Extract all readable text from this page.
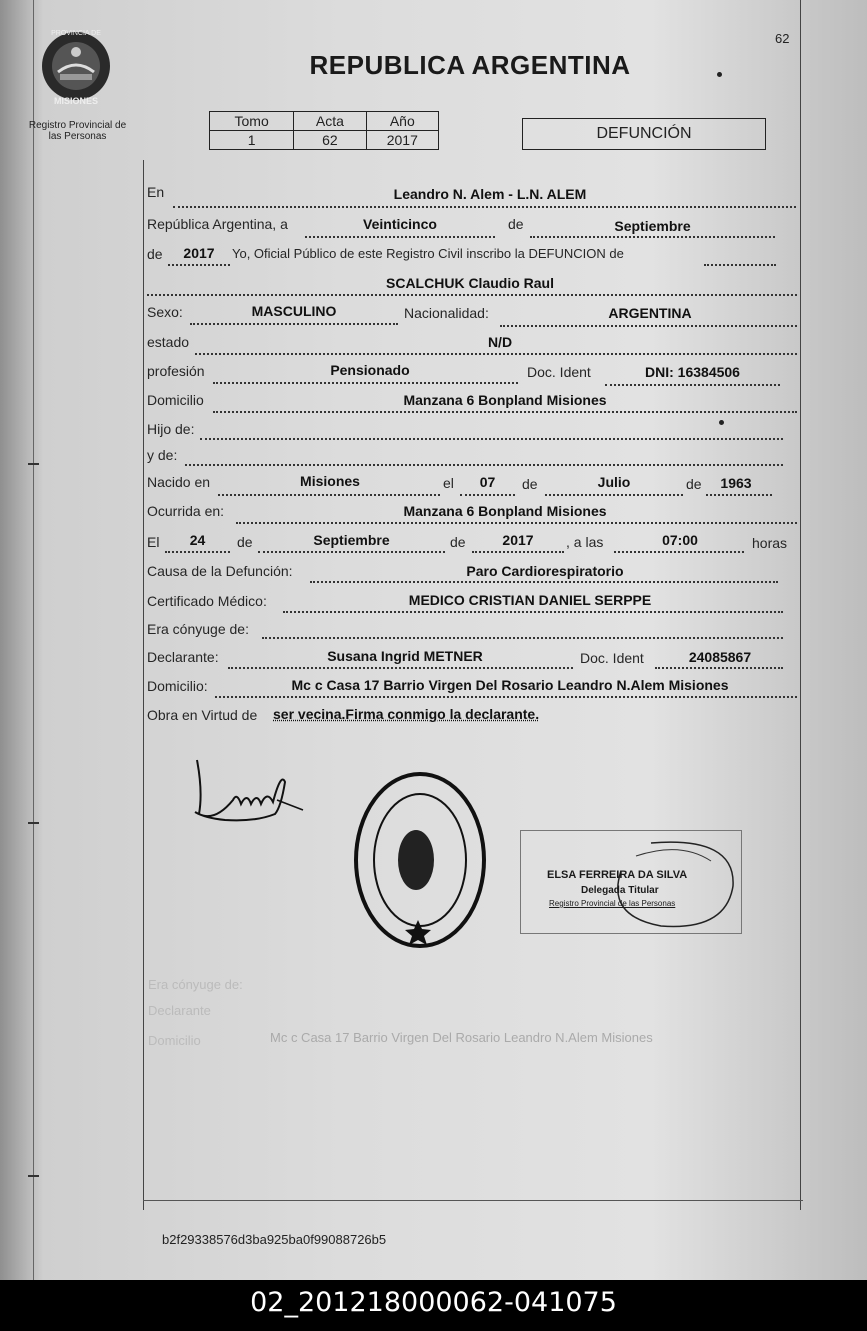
PROVINCIA DE
MISIONES
Registro Provincial de
las Personas
62
REPUBLICA ARGENTINA
Tomo	Acta	Año
1	62	2017	DEFUNCIÓN
En	Leandro N. Alem - L.N. ALEM
República Argentina, a	Veinticinco	de	Septiembre
de	2017	Yo, Oficial Público de este Registro Civil inscribo la DEFUNCION de
SCALCHUK Claudio Raul
Sexo:	MASCULINO	Nacionalidad:	ARGENTINA
estado	N/D
profesión	Pensionado	Doc. Ident	DNI: 16384506
Domicilio	Manzana 6 Bonpland Misiones
Hijo de:
y de:
Nacido en	Misiones	el	07	de	Julio	de	1963
Ocurrida en:	Manzana 6 Bonpland Misiones
El	24	de	Septiembre	de	2017	, a las	07:00	horas
Causa de la Defunción:	Paro Cardiorespiratorio
Certificado Médico:	MEDICO CRISTIAN DANIEL SERPPE
Era cónyuge de:
Declarante:	Susana Ingrid METNER	Doc. Ident	24085867
Domicilio:	Mc c Casa 17 Barrio Virgen Del Rosario Leandro N.Alem Misiones
Obra en Virtud de ser vecina.Firma conmigo la declarante.
Era cónyuge de:
Declarante
Domicilio	Mc c Casa 17 Barrio Virgen Del Rosario Leandro N.Alem Misiones
ELSA FERREIRA DA SILVA
Delegada Titular
Registro Provincial de las Personas
b2f29338576d3ba925ba0f99088726b5
02_201218000062-041075
